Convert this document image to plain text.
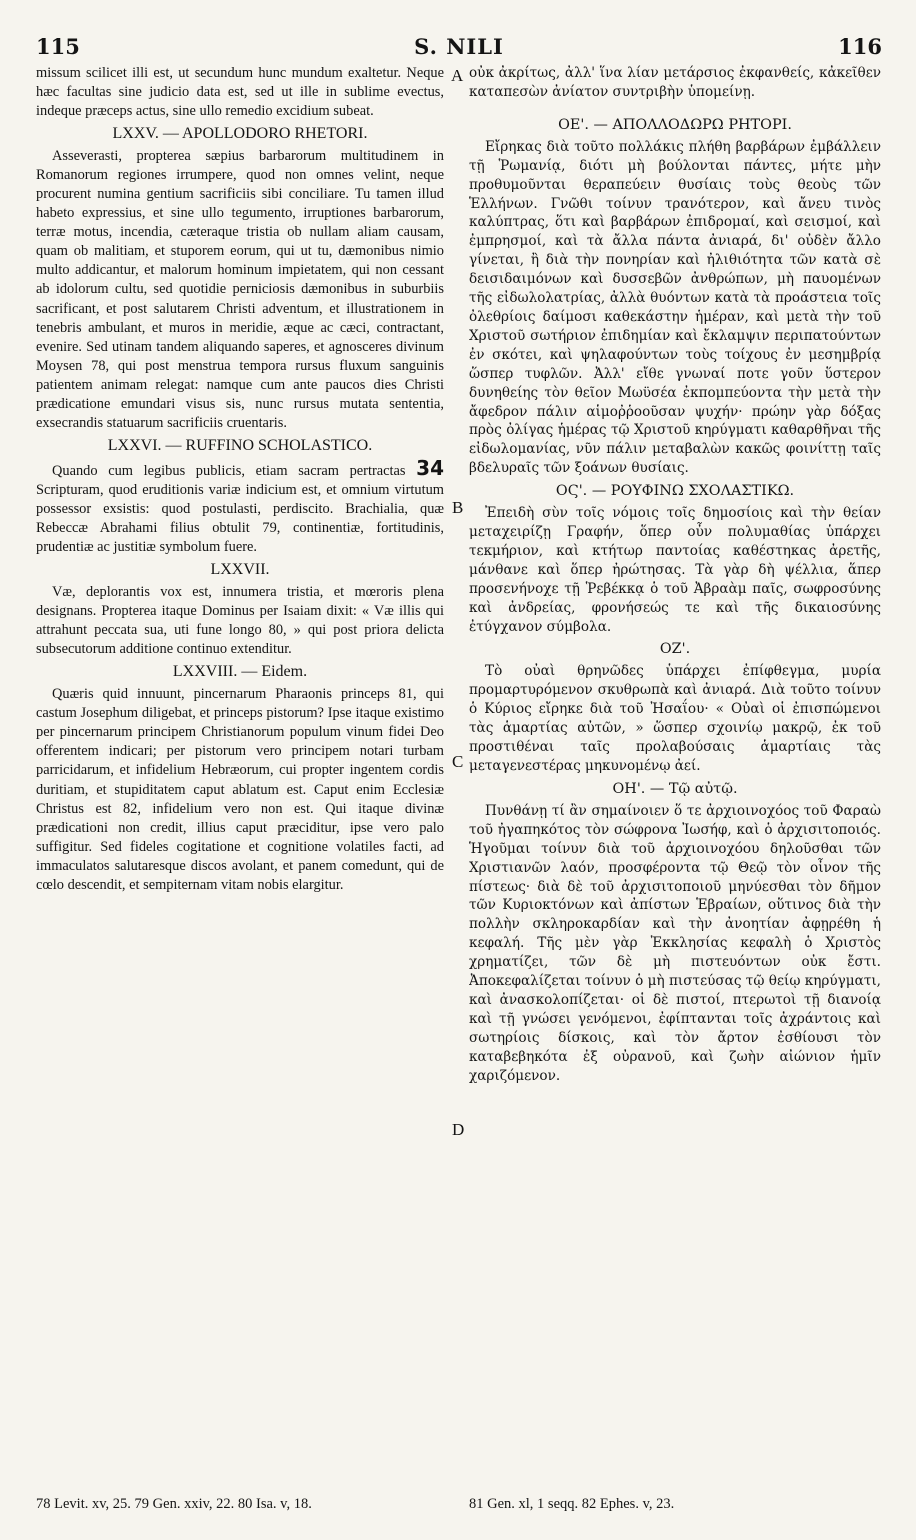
115	S. NILI	116

missum scilicet illi est, ut secundum hunc mundum exaltetur. Neque hæc facultas sine judicio data est, sed ut ille in sublime evectus, indeque præceps actus, sine ullo remedio excidium subeat.

LXXV. — APOLLODORO RHETORI.

Asseverasti, propterea sæpius barbarorum multitudinem in Romanorum regiones irrumpere, quod non omnes velint, neque procurent numina gentium sacrificiis sibi conciliare. Tu tamen illud habeto expressius, et sine ullo tegumento, irruptiones barbarorum, terræ motus, incendia, cæteraque tristia ob nullam aliam causam, quam ob malitiam, et stuporem eorum, qui ut tu, dæmonibus nimio multo addicantur, et malorum hominum impietatem, qui non cessant ab idolorum cultu, sed quotidie perniciosis dæmonibus in suburbiis sacrificant, et post salutarem Christi adventum, et illustrationem in tenebris ambulant, et muros in meridie, æque ac cæci, contractant, evenire. Sed utinam tandem aliquando saperes, et agnosceres divinum Moysen 78, qui post menstrua tempora rursus fluxum sanguinis patientem animam relegat: namque cum ante paucos dies Christi prædicatione emundari visus sis, nunc rursus mutata sententia, exsecrandis statuarum sacrificiis cruentaris.

LXXVI. — RUFFINO SCHOLASTICO.

Quando cum legibus publicis, etiam sacram pertractas 34 Scripturam, quod eruditionis variæ indicium est, et omnium virtutum possessor exsistis: quod postulasti, perdiscito. Brachialia, quæ Rebeccæ Abrahami filius obtulit 79, continentiæ, fortitudinis, prudentiæ ac justitiæ symbolum fuere.

LXXVII.

Væ, deplorantis vox est, innumera tristia, et mœroris plena designans. Propterea itaque Dominus per Isaiam dixit: « Væ illis qui attrahunt peccata sua, uti fune longo 80, » qui post priora delicta subsecutorum additione continuo extenditur.

LXXVIII. — Eidem.

Quæris quid innuunt, pincernarum Pharaonis princeps 81, qui castum Josephum diligebat, et princeps pistorum? Ipse itaque existimo per pincernarum principem Christianorum populum vinum fidei Deo offerentem indicari; per pistorum vero principem notari turbam parricidarum, et infidelium Hebræorum, cui propter ingentem cordis duritiam, et stupiditatem caput ablatum est. Caput enim Ecclesiæ Christus est 82, infidelium vero non est. Qui itaque divinæ prædicationi non credit, illius caput præciditur, ipse vero palo suffigitur. Sed fideles cogitatione et cognitione volatiles facti, ad immaculatos salutaresque discos avolant, et panem comedunt, qui de cœlo descendit, et sempiternam vitam nobis elargitur.

A
B
C
D

οὐκ ἀκρίτως, ἀλλ' ἵνα λίαν μετάρσιος ἐκφανθείς, κἀκεῖθεν καταπεσὼν ἀνίατον συντριβὴν ὑπομείνῃ.

ΟΕ'. — ΑΠΟΛΛΟΔΩΡΩ ΡΗΤΟΡΙ.

Εἴρηκας διὰ τοῦτο πολλάκις πλήθη βαρβάρων ἐμβάλλειν τῇ Ῥωμανίᾳ, διότι μὴ βούλονται πάντες, μήτε μὴν προθυμοῦνται θεραπεύειν θυσίαις τοὺς θεοὺς τῶν Ἑλλήνων. Γνῶθι τοίνυν τρανότερον, καὶ ἄνευ τινὸς καλύπτρας, ὅτι καὶ βαρβάρων ἐπιδρομαί, καὶ σεισμοί, καὶ ἐμπρησμοί, καὶ τὰ ἄλλα πάντα ἀνιαρά, δι' οὐδὲν ἄλλο γίνεται, ἢ διὰ τὴν πονηρίαν καὶ ἠλιθιότητα τῶν κατὰ σὲ δεισιδαιμόνων καὶ δυσσεβῶν ἀνθρώπων, μὴ παυομένων τῆς εἰδωλολατρίας, ἀλλὰ θυόντων κατὰ τὰ προάστεια τοῖς ὀλεθρίοις δαίμοσι καθεκάστην ἡμέραν, καὶ μετὰ τὴν τοῦ Χριστοῦ σωτήριον ἐπιδημίαν καὶ ἔκλαμψιν περιπατούντων ἐν σκότει, καὶ ψηλαφούντων τοὺς τοίχους ἐν μεσημβρίᾳ ὥσπερ τυφλῶν. Ἀλλ' εἴθε γνωναί ποτε γοῦν ὕστερον δυνηθείης τὸν θεῖον Μωϋσέα ἐκπομπεύοντα τὴν μετὰ τὴν ἄφεδρον πάλιν αἱμοῤῥοοῦσαν ψυχήν· πρώην γὰρ δόξας πρὸς ὀλίγας ἡμέρας τῷ Χριστοῦ κηρύγματι καθαρθῆναι τῆς εἰδωλομανίας, νῦν πάλιν μεταβαλὼν κακῶς φοινίττῃ ταῖς βδελυραῖς τῶν ξοάνων θυσίαις.

ΟϚ'. — ΡΟΥΦΙΝΩ ΣΧΟΛΑΣΤΙΚΩ.

Ἐπειδὴ σὺν τοῖς νόμοις τοῖς δημοσίοις καὶ τὴν θείαν μεταχειρίζῃ Γραφήν, ὅπερ οὖν πολυμαθίας ὑπάρχει τεκμήριον, καὶ κτήτωρ παντοίας καθέστηκας ἀρετῆς, μάνθανε καὶ ὅπερ ἠρώτησας. Τὰ γὰρ δὴ ψέλλια, ἅπερ προσενήνοχε τῇ Ῥεβέκκᾳ ὁ τοῦ Ἀβραὰμ παῖς, σωφροσύνης καὶ ἀνδρείας, φρονήσεώς τε καὶ τῆς δικαιοσύνης ἐτύγχανον σύμβολα.

ΟΖ'.

Τὸ οὐαὶ θρηνῶδες ὑπάρχει ἐπίφθεγμα, μυρία προμαρτυρόμενον σκυθρωπὰ καὶ ἀνιαρά. Διὰ τοῦτο τοίνυν ὁ Κύριος εἴρηκε διὰ τοῦ Ἠσαΐου· « Οὐαὶ οἱ ἐπισπώμενοι τὰς ἁμαρτίας αὐτῶν, » ὥσπερ σχοινίῳ μακρῷ, ἐκ τοῦ προστιθέναι ταῖς προλαβούσαις ἁμαρτίαις τὰς μεταγενεστέρας μηκυνομένῳ ἀεί.

ΟΗ'. — Τῷ αὐτῷ.

Πυνθάνῃ τί ἂν σημαίνοιεν ὅ τε ἀρχιοινοχόος τοῦ Φαραὼ τοῦ ἠγαπηκότος τὸν σώφρονα Ἰωσήφ, καὶ ὁ ἀρχισιτοποιός. Ἡγοῦμαι τοίνυν διὰ τοῦ ἀρχιοινοχόου δηλοῦσθαι τῶν Χριστιανῶν λαόν, προσφέροντα τῷ Θεῷ τὸν οἶνον τῆς πίστεως· διὰ δὲ τοῦ ἀρχισιτοποιοῦ μηνύεσθαι τὸν δῆμον τῶν Κυριοκτόνων καὶ ἀπίστων Ἑβραίων, οὕτινος διὰ τὴν πολλὴν σκληροκαρδίαν καὶ τὴν ἀνοητίαν ἀφῃρέθη ἡ κεφαλή. Τῆς μὲν γὰρ Ἐκκλησίας κεφαλὴ ὁ Χριστὸς χρηματίζει, τῶν δὲ μὴ πιστευόντων οὐκ ἔστι. Ἀποκεφαλίζεται τοίνυν ὁ μὴ πιστεύσας τῷ θείῳ κηρύγματι, καὶ ἀνασκολοπίζεται· οἱ δὲ πιστοί, πτερωτοὶ τῇ διανοίᾳ καὶ τῇ γνώσει γενόμενοι, ἐφίπτανται τοῖς ἀχράντοις καὶ σωτηρίοις δίσκοις, καὶ τὸν ἄρτον ἐσθίουσι τὸν καταβεβηκότα ἐξ οὐρανοῦ, καὶ ζωὴν αἰώνιον ἡμῖν χαριζόμενον.

78 Levit. xv, 25. 79 Gen. xxiv, 22. 80 Isa. v, 18.	81 Gen. xl, 1 seqq. 82 Ephes. v, 23.
